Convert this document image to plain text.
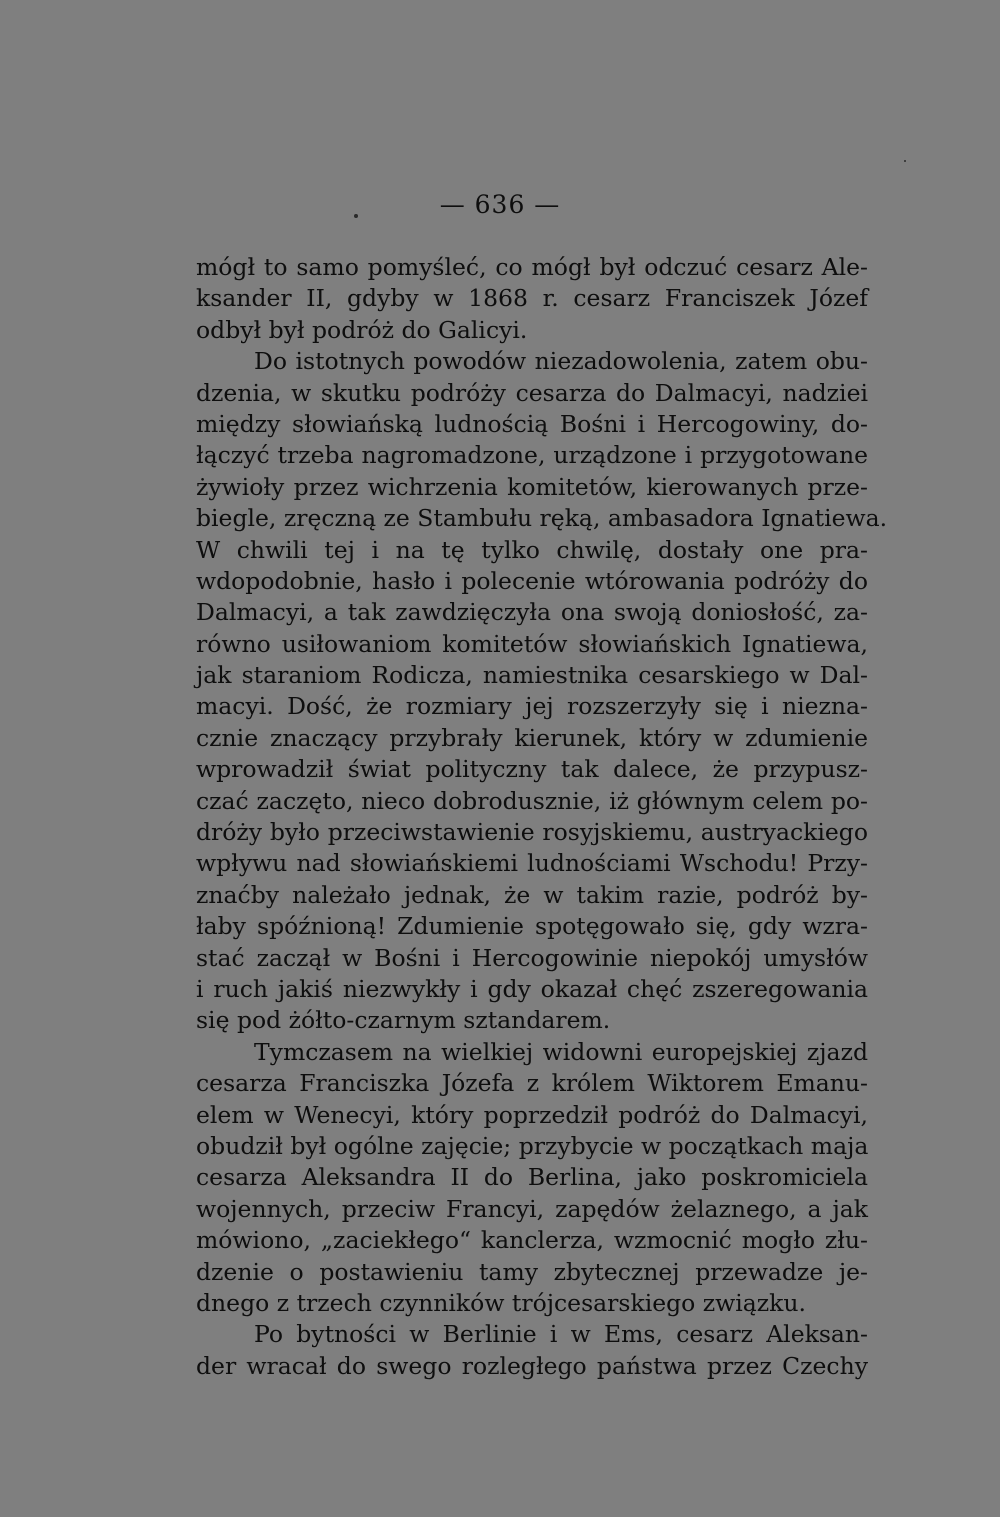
— 636 —
mógł to samo pomyśleć, co mógł był odczuć cesarz Ale-
ksander II, gdyby w 1868 r. cesarz Franciszek Józef
odbył był podróż do Galicyi.
Do istotnych powodów niezadowolenia, zatem obu-
dzenia, w skutku podróży cesarza do Dalmacyi, nadziei
między słowiańską ludnością Bośni i Hercogowiny, do-
łączyć trzeba nagromadzone, urządzone i przygotowane
żywioły przez wichrzenia komitetów, kierowanych prze-
biegle, zręczną ze Stambułu ręką, ambasadora Ignatiewa.
W chwili tej i na tę tylko chwilę, dostały one pra-
wdopodobnie, hasło i polecenie wtórowania podróży do
Dalmacyi, a tak zawdzięczyła ona swoją doniosłość, za-
równo usiłowaniom komitetów słowiańskich Ignatiewa,
jak staraniom Rodicza, namiestnika cesarskiego w Dal-
macyi. Dość, że rozmiary jej rozszerzyły się i nieznа-
cznie znaczący przybrały kierunek, który w zdumienie
wprowadził świat polityczny tak dalece, że przypusz-
czać zaczęto, nieco dobrodusznie, iż głównym celem po-
dróży było przeciwstawienie rosyjskiemu, austryackiego
wpływu nad słowiańskiemi ludnościami Wschodu! Przy-
znaćby należało jednak, że w takim razie, podróż by-
łaby spóźnioną! Zdumienie spotęgowało się, gdy wzra-
stać zaczął w Bośni i Hercogowinie niepokój umysłów
i ruch jakiś niezwykły i gdy okazał chęć zszeregowania
się pod żółto-czarnym sztandarem.
Tymczasem na wielkiej widowni europejskiej zjazd
cesarza Franciszka Józefa z królem Wiktorem Emanu-
elem w Wenecyi, który poprzedził podróż do Dalmacyi,
obudził był ogólne zajęcie; przybycie w początkach maja
cesarza Aleksandra II do Berlina, jako poskromiciela
wojennych, przeciw Francyi, zapędów żelaznego, a jak
mówiono, „zaciekłego“ kanclerza, wzmocnić mogło złu-
dzenie o postawieniu tamy zbytecznej przewadze je-
dnego z trzech czynników trójcesarskiego związku.
Po bytności w Berlinie i w Ems, cesarz Aleksan-
der wracał do swego rozległego państwa przez Czechy
